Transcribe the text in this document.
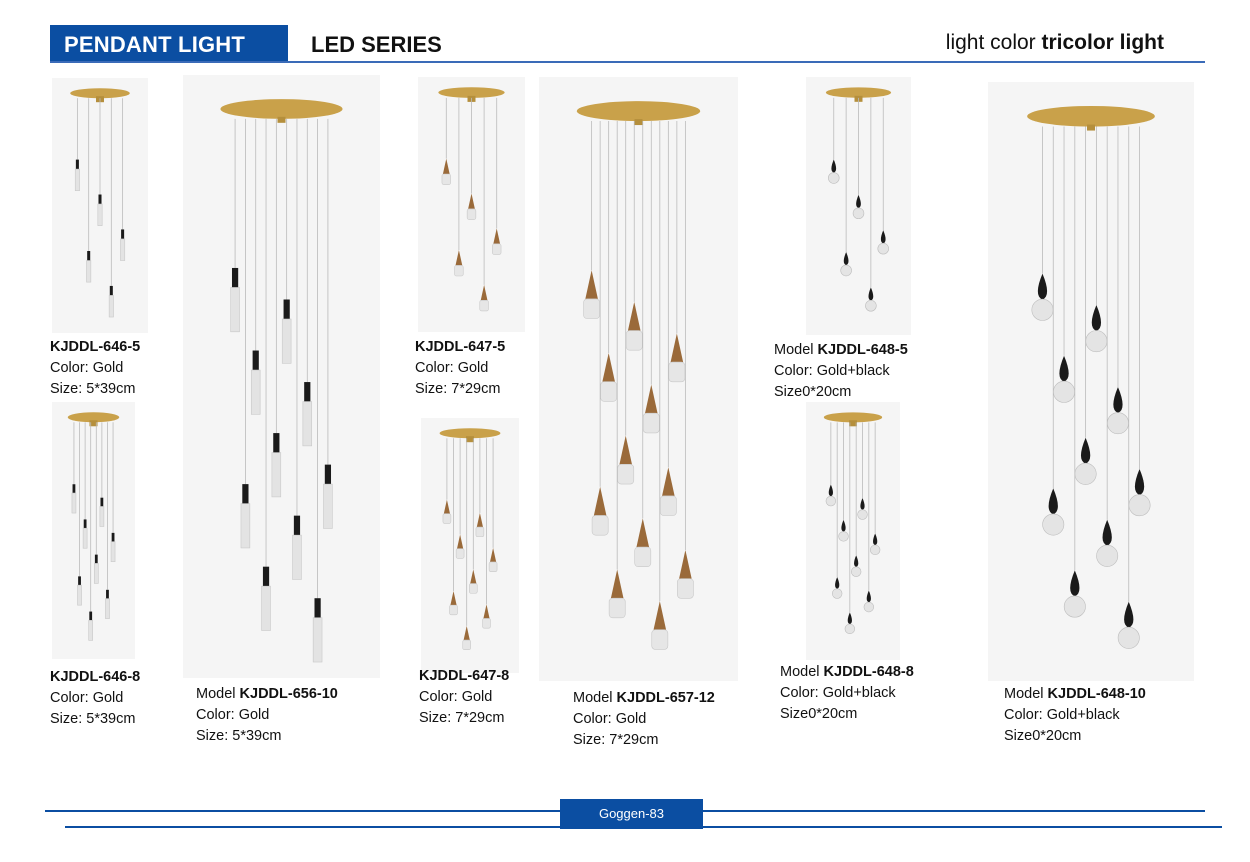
PENDANT LIGHT	LED SERIES	light color tricolor light
KJDDL-646-5
Color: Gold
Size: 5*39cm
KJDDL-646-8
Color: Gold
Size: 5*39cm
Model KJDDL-656-10
Color: Gold
Size: 5*39cm
KJDDL-647-5
Color: Gold
Size: 7*29cm
KJDDL-647-8
Color: Gold
Size: 7*29cm
Model KJDDL-657-12
Color: Gold
Size: 7*29cm
Model KJDDL-648-5
Color: Gold+black
Size0*20cm
Model KJDDL-648-8
Color: Gold+black
Size0*20cm
Model KJDDL-648-10
Color: Gold+black
Size0*20cm
Goggen-83
